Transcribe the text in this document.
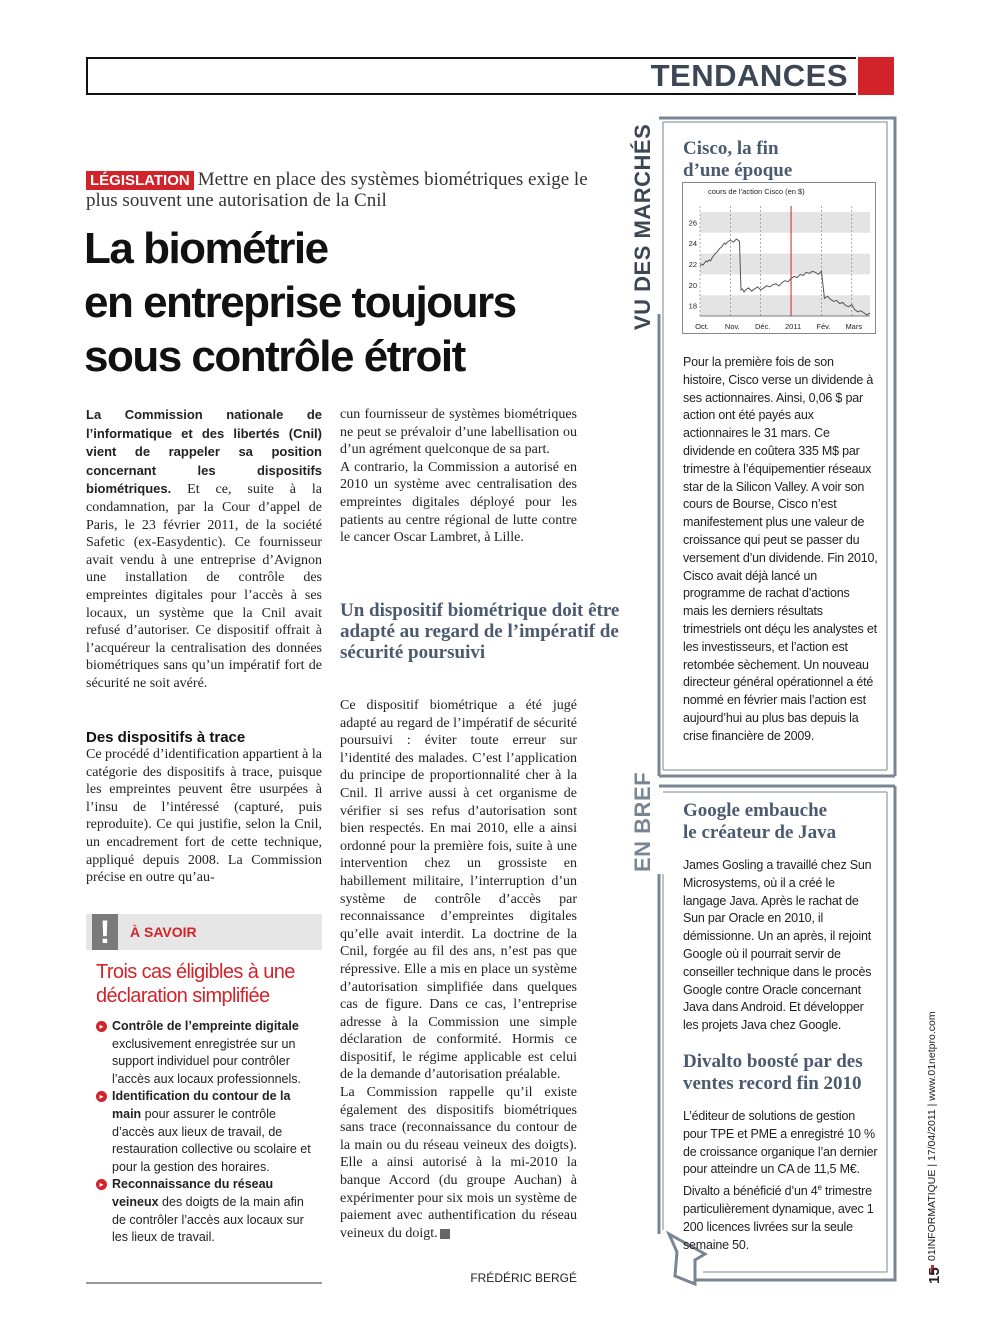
TENDANCES
LÉGISLATION Mettre en place des systèmes biométriques exige le plus souvent une autorisation de la Cnil
La biométrie
en entreprise toujours
sous contrôle étroit

La Commission nationale de l’informatique et des libertés (Cnil) vient de rappeler sa position concernant les dispositifs biométriques. Et ce, suite à la condamnation, par la Cour d’appel de Paris, le 23 février 2011, de la société Safetic (ex-Easydentic). Ce fournisseur avait vendu à une entreprise d’Avignon une installation de contrôle des empreintes digitales pour l’accès à ses locaux, un système que la Cnil avait refusé d’autoriser. Ce dispositif offrait à l’acquéreur la centralisation des données biométriques sans qu’un impératif fort de sécurité ne soit avéré.

Des dispositifs à trace

Ce procédé d’identification appartient à la catégorie des dispositifs à trace, puisque les empreintes peuvent être usurpées à l’insu de l’intéressé (capturé, puis reproduite). Ce qui justifie, selon la Cnil, un encadrement fort de cette technique, appliqué depuis 2008. La Commission précise en outre qu’au-

cun fournisseur de systèmes biométriques ne peut se prévaloir d’une labellisation ou d’un agrément quelconque de sa part.

A contrario, la Commission a autorisé en 2010 un système avec centralisation des empreintes digitales déployé pour les patients au centre régional de lutte contre le cancer Oscar Lambret, à Lille.

Un dispositif biométrique doit être adapté au regard de l’impératif de sécurité poursuivi

Ce dispositif biométrique a été jugé adapté au regard de l’impératif de sécurité poursuivi : éviter toute erreur sur l’identité des malades. C’est l’application du principe de proportionnalité cher à la Cnil. Il arrive aussi à cet organisme de vérifier si ses refus d’autorisation sont bien respectés. En mai 2010, elle a ainsi ordonné pour la première fois, suite à une intervention chez un grossiste en habillement militaire, l’interruption d’un système de contrôle d’accès par reconnaissance d’empreintes digitales qu’elle avait interdit. La doctrine de la Cnil, forgée au fil des ans, n’est pas que répressive. Elle a mis en place un système d’autorisation simplifiée dans quelques cas de figure. Dans ce cas, l’entreprise adresse à la Commission une simple déclaration de conformité. Hormis ce dispositif, le régime applicable est celui de la demande d’autorisation préalable.

La Commission rappelle qu’il existe également des dispositifs biométriques sans trace (reconnaissance du contour de la main ou du réseau veineux des doigts). Elle a ainsi autorisé à la mi-2010 la banque Accord (du groupe Auchan) à expérimenter pour six mois un système de paiement avec authentification du réseau veineux du doigt.

FRÉDÉRIC BERGÉ
!	À SAVOIR
Trois cas éligibles à une déclaration simplifiée
▸ Contrôle de l’empreinte digitale exclusivement enregistrée sur un support individuel pour contrôler l’accès aux locaux professionnels.
▸ Identification du contour de la main pour assurer le contrôle d’accès aux lieux de travail, de restauration collective ou scolaire et pour la gestion des horaires.
▸ Reconnaissance du réseau veineux des doigts de la main afin de contrôler l’accès aux locaux sur les lieux de travail.
VU DES MARCHÉS
EN BREF
Cisco, la fin
d’une époque
cours de l’action Cisco (en $)
18
20
22
24
26
Oct. Nov. Déc. 2011 Fév. Mars
Pour la première fois de son histoire, Cisco verse un dividende à ses actionnaires. Ainsi, 0,06 $ par action ont été payés aux actionnaires le 31 mars. Ce dividende en coûtera 335 M$ par trimestre à l’équipementier réseaux star de la Silicon Valley. A voir son cours de Bourse, Cisco n’est manifestement plus une valeur de croissance qui peut se passer du versement d’un dividende. Fin 2010, Cisco avait déjà lancé un programme de rachat d’actions mais les derniers résultats trimestriels ont déçu les analystes et les investisseurs, et l’action est retombée sèchement. Un nouveau directeur général opérationnel a été nommé en février mais l’action est aujourd’hui au plus bas depuis la crise financière de 2009.
Google embauche
le créateur de Java
James Gosling a travaillé chez Sun Microsystems, où il a créé le langage Java. Après le rachat de Sun par Oracle en 2010, il démissionne. Un an après, il rejoint Google où il pourrait servir de conseiller technique dans le procès Google contre Oracle concernant Java dans Android. Et développer les projets Java chez Google.
Divalto boosté par des
ventes record fin 2010
L’éditeur de solutions de gestion pour TPE et PME a enregistré 10 % de croissance organique l’an dernier pour atteindre un CA de 11,5 M€. Divalto a bénéficié d’un 4e trimestre particulièrement dynamique, avec 1 200 licences livrées sur la seule semaine 50.	01INFORMATIQUE | 17/04/2011 | www.01netpro.com
15
